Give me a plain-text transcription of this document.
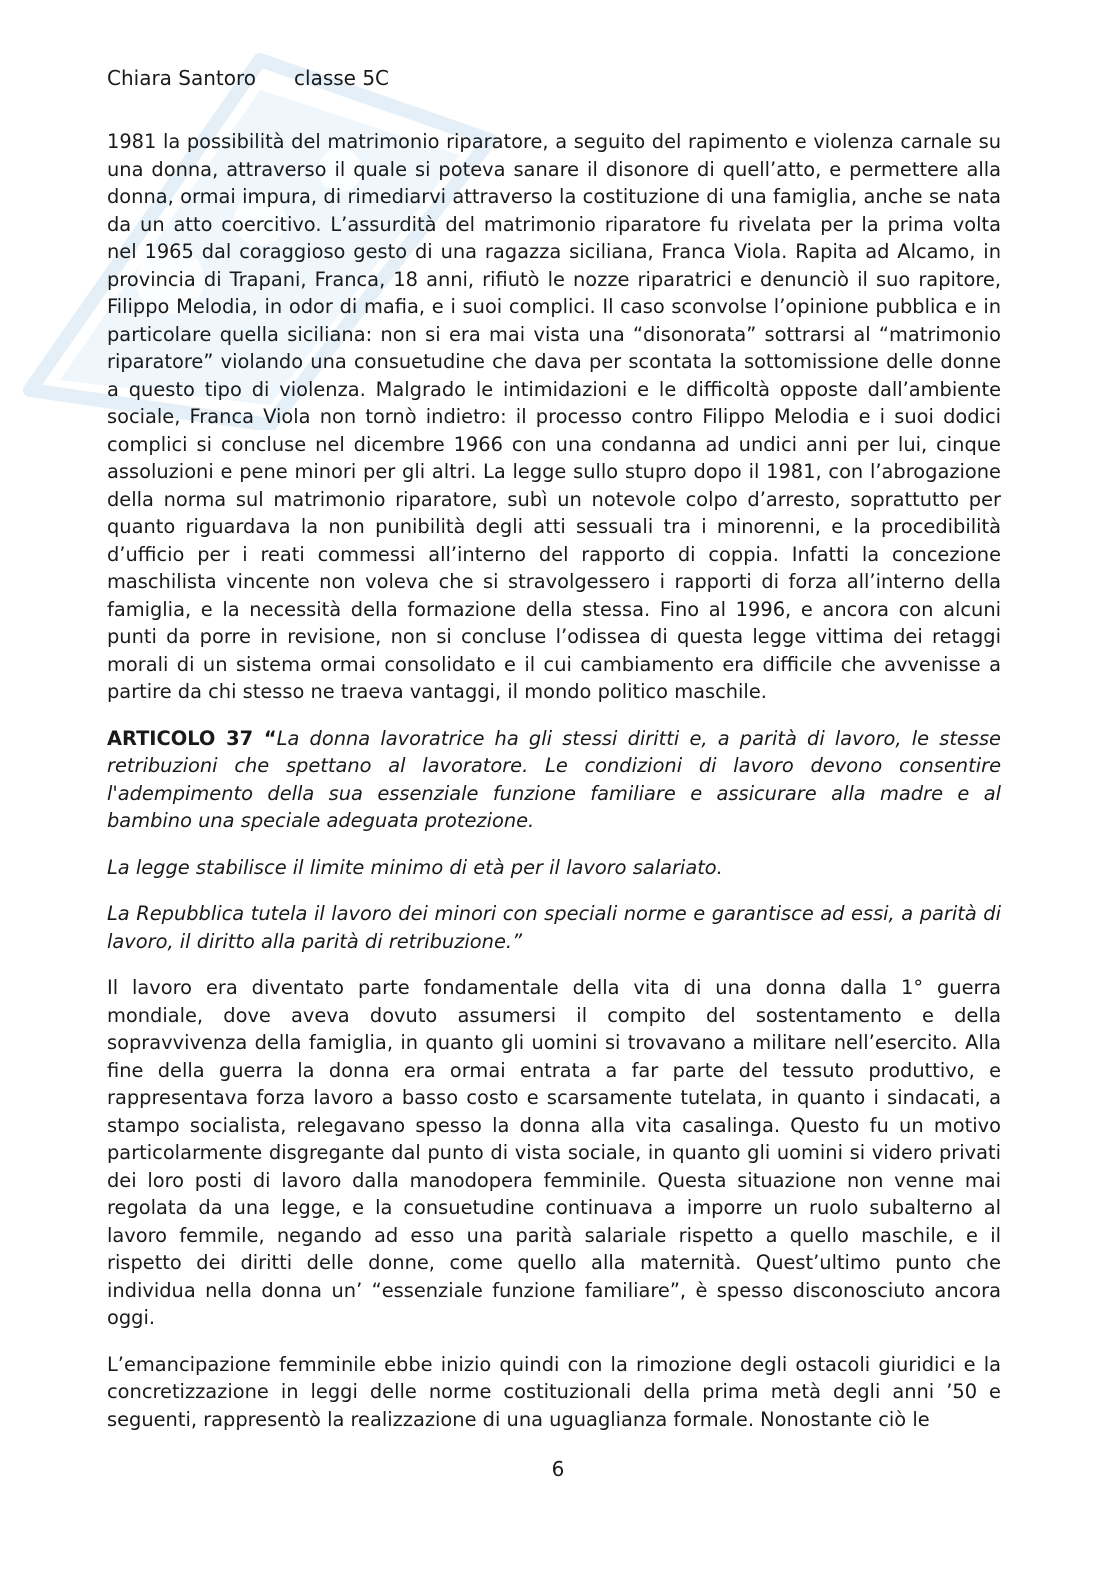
Chiara Santoro classe 5C

1981 la possibilità del matrimonio riparatore, a seguito del rapimento e violenza carnale su una donna, attraverso il quale si poteva sanare il disonore di quell’atto, e permettere alla donna, ormai impura, di rimediarvi attraverso la costituzione di una famiglia, anche se nata da un atto coercitivo. L’assurdità del matrimonio riparatore fu rivelata per la prima volta nel 1965 dal coraggioso gesto di una ragazza siciliana, Franca Viola. Rapita ad Alcamo, in provincia di Trapani, Franca, 18 anni, rifiutò le nozze riparatrici e denunciò il suo rapitore, Filippo Melodia, in odor di mafia, e i suoi complici. Il caso sconvolse l’opinione pubblica e in particolare quella siciliana: non si era mai vista una “disonorata” sottrarsi al “matrimonio riparatore” violando una consuetudine che dava per scontata la sottomissione delle donne a questo tipo di violenza. Malgrado le intimidazioni e le difficoltà opposte dall’ambiente sociale, Franca Viola non tornò indietro: il processo contro Filippo Melodia e i suoi dodici complici si concluse nel dicembre 1966 con una condanna ad undici anni per lui, cinque assoluzioni e pene minori per gli altri. La legge sullo stupro dopo il 1981, con l’abrogazione della norma sul matrimonio riparatore, subì un notevole colpo d’arresto, soprattutto per quanto riguardava la non punibilità degli atti sessuali tra i minorenni, e la procedibilità d’ufficio per i reati commessi all’interno del rapporto di coppia. Infatti la concezione maschilista vincente non voleva che si stravolgessero i rapporti di forza all’interno della famiglia, e la necessità della formazione della stessa. Fino al 1996, e ancora con alcuni punti da porre in revisione, non si concluse l’odissea di questa legge vittima dei retaggi morali di un sistema ormai consolidato e il cui cambiamento era difficile che avvenisse a partire da chi stesso ne traeva vantaggi, il mondo politico maschile.

ARTICOLO 37 “La donna lavoratrice ha gli stessi diritti e, a parità di lavoro, le stesse retribuzioni che spettano al lavoratore. Le condizioni di lavoro devono consentire l'adempimento della sua essenziale funzione familiare e assicurare alla madre e al bambino una speciale adeguata protezione.

La legge stabilisce il limite minimo di età per il lavoro salariato.

La Repubblica tutela il lavoro dei minori con speciali norme e garantisce ad essi, a parità di lavoro, il diritto alla parità di retribuzione.”

Il lavoro era diventato parte fondamentale della vita di una donna dalla 1° guerra mondiale, dove aveva dovuto assumersi il compito del sostentamento e della sopravvivenza della famiglia, in quanto gli uomini si trovavano a militare nell’esercito. Alla fine della guerra la donna era ormai entrata a far parte del tessuto produttivo, e rappresentava forza lavoro a basso costo e scarsamente tutelata, in quanto i sindacati, a stampo socialista, relegavano spesso la donna alla vita casalinga. Questo fu un motivo particolarmente disgregante dal punto di vista sociale, in quanto gli uomini si videro privati dei loro posti di lavoro dalla manodopera femminile. Questa situazione non venne mai regolata da una legge, e la consuetudine continuava a imporre un ruolo subalterno al lavoro femmile, negando ad esso una parità salariale rispetto a quello maschile, e il rispetto dei diritti delle donne, come quello alla maternità. Quest’ultimo punto che individua nella donna un’ “essenziale funzione familiare”, è spesso disconosciuto ancora oggi.

L’emancipazione femminile ebbe inizio quindi con la rimozione degli ostacoli giuridici e la concretizzazione in leggi delle norme costituzionali della prima metà degli anni ’50 e seguenti, rappresentò la realizzazione di una uguaglianza formale. Nonostante ciò le

6
